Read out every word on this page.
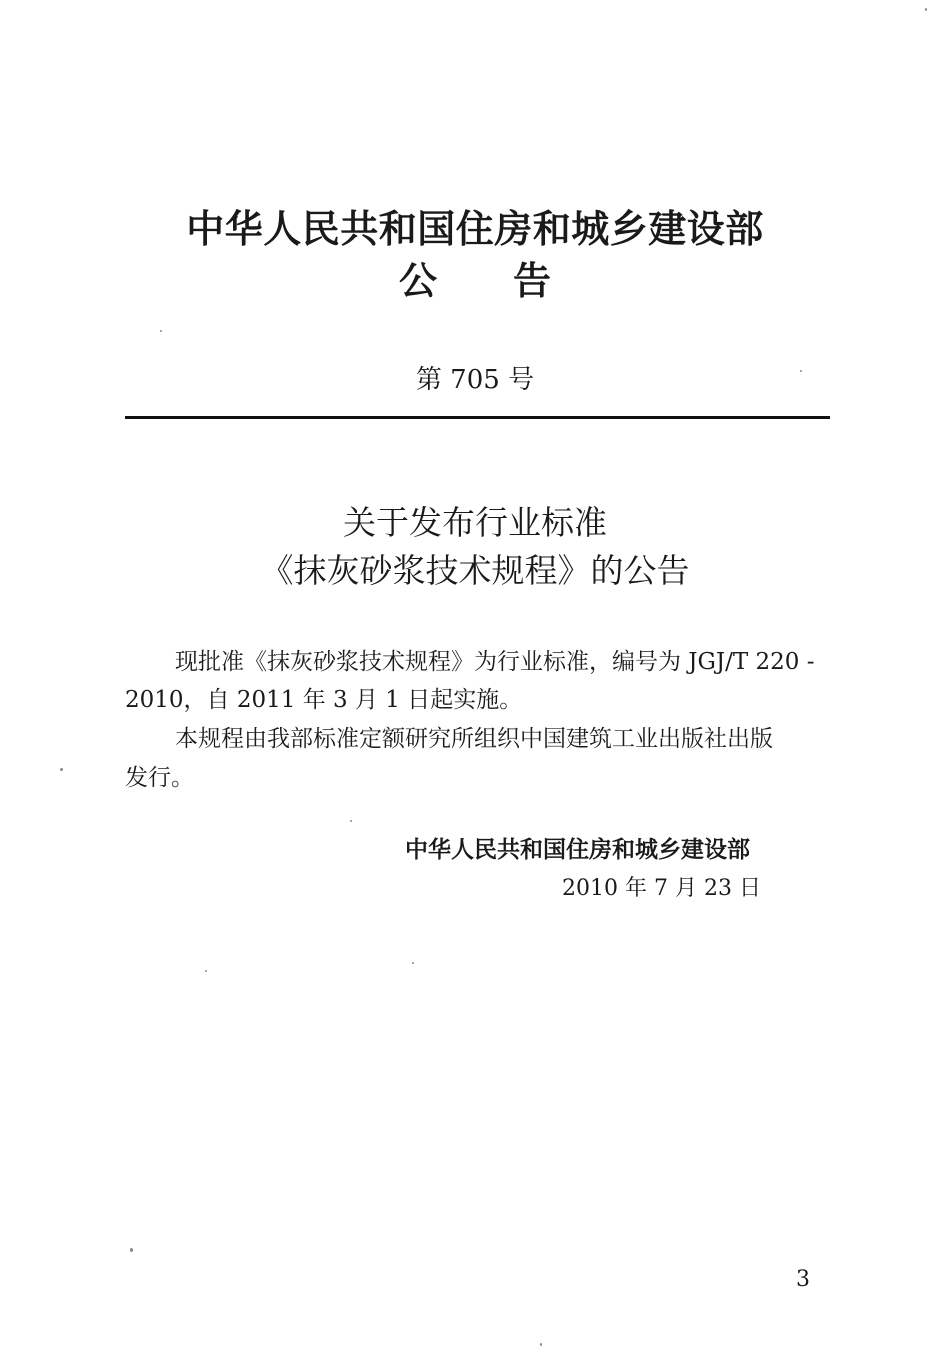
中华人民共和国住房和城乡建设部
公告
第 705 号
关于发布行业标准
《抹灰砂浆技术规程》的公告
现批准《抹灰砂浆技术规程》为行业标准，编号为 JGJ/T 220 -
2010，自 2011 年 3 月 1 日起实施。
本规程由我部标准定额研究所组织中国建筑工业出版社出版
发行。
中华人民共和国住房和城乡建设部
2010 年 7 月 23 日
3
